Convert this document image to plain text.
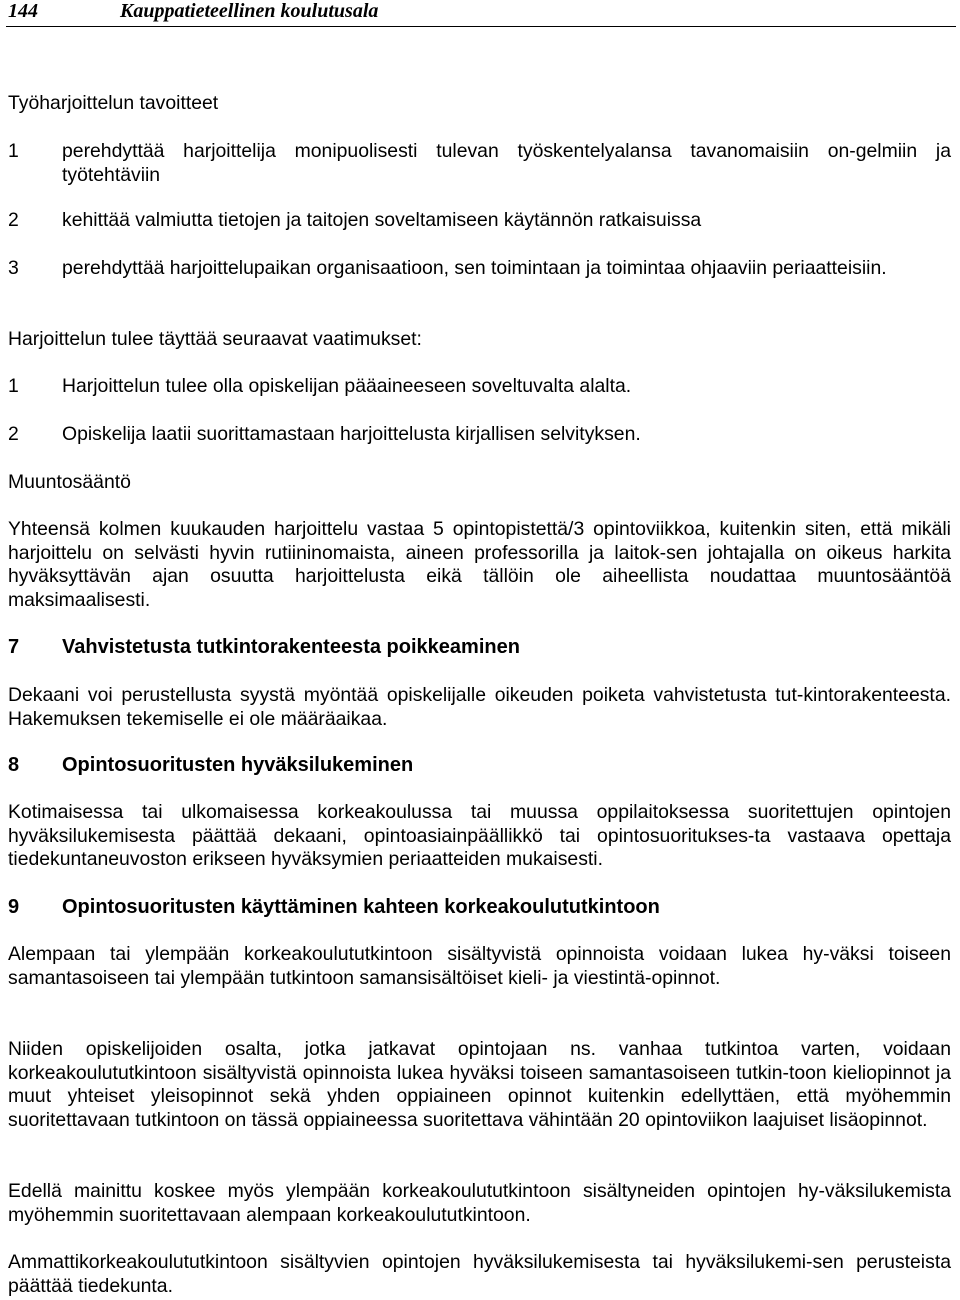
144	Kauppatieteellinen koulutusala

Työharjoittelun tavoitteet

1 perehdyttää harjoittelija monipuolisesti tulevan työskentelyalansa tavanomaisiin on-gelmiin ja työtehtäviin
2 kehittää valmiutta tietojen ja taitojen soveltamiseen käytännön ratkaisuissa
3 perehdyttää harjoittelupaikan organisaatioon, sen toimintaan ja toimintaa ohjaaviin periaatteisiin.

Harjoittelun tulee täyttää seuraavat vaatimukset:

1 Harjoittelun tulee olla opiskelijan pääaineeseen soveltuvalta alalta.
2 Opiskelija laatii suorittamastaan harjoittelusta kirjallisen selvityksen.

Muuntosääntö

Yhteensä kolmen kuukauden harjoittelu vastaa 5 opintopistettä/3 opintoviikkoa, kuitenkin siten, että mikäli harjoittelu on selvästi hyvin rutiininomaista, aineen professorilla ja laitok-sen johtajalla on oikeus harkita hyväksyttävän ajan osuutta harjoittelusta eikä tällöin ole aiheellista noudattaa muuntosääntöä maksimaalisesti.

7 Vahvistetusta tutkintorakenteesta poikkeaminen

Dekaani voi perustellusta syystä myöntää opiskelijalle oikeuden poiketa vahvistetusta tut-kintorakenteesta. Hakemuksen tekemiselle ei ole määräaikaa.

8 Opintosuoritusten hyväksilukeminen

Kotimaisessa tai ulkomaisessa korkeakoulussa tai muussa oppilaitoksessa suoritettujen opintojen hyväksilukemisesta päättää dekaani, opintoasiainpäällikkö tai opintosuoritukses-ta vastaava opettaja tiedekuntaneuvoston erikseen hyväksymien periaatteiden mukaisesti.

9 Opintosuoritusten käyttäminen kahteen korkeakoulututkintoon

Alempaan tai ylempään korkeakoulututkintoon sisältyvistä opinnoista voidaan lukea hy-väksi toiseen samantasoiseen tai ylempään tutkintoon samansisältöiset kieli- ja viestintä-opinnot.

Niiden opiskelijoiden osalta, jotka jatkavat opintojaan ns. vanhaa tutkintoa varten, voidaan korkeakoulututkintoon sisältyvistä opinnoista lukea hyväksi toiseen samantasoiseen tutkin-toon kieliopinnot ja muut yhteiset yleisopinnot sekä yhden oppiaineen opinnot kuitenkin edellyttäen, että myöhemmin suoritettavaan tutkintoon on tässä oppiaineessa suoritettava vähintään 20 opintoviikon laajuiset lisäopinnot.

Edellä mainittu koskee myös ylempään korkeakoulututkintoon sisältyneiden opintojen hy-väksilukemista myöhemmin suoritettavaan alempaan korkeakoulututkintoon.

Ammattikorkeakoulututkintoon sisältyvien opintojen hyväksilukemisesta tai hyväksilukemi-sen perusteista päättää tiedekunta.
